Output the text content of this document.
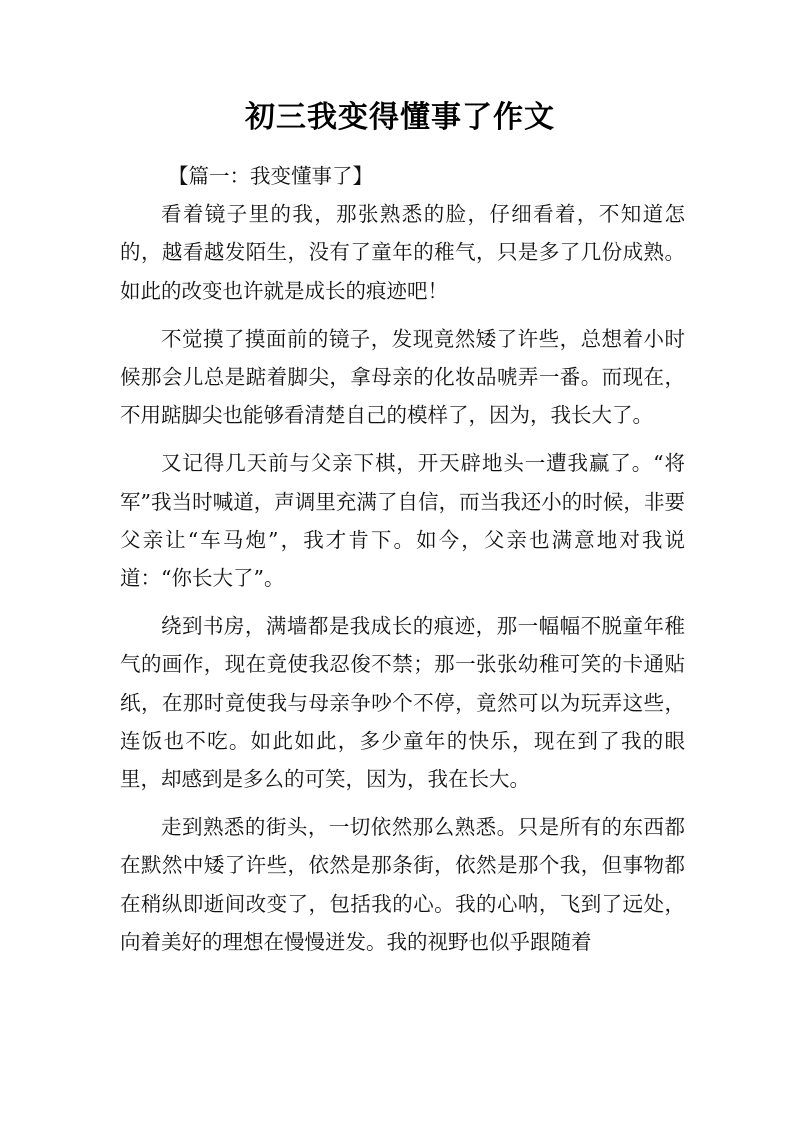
初三我变得懂事了作文
【篇一：我变懂事了】

看着镜子里的我，那张熟悉的脸，仔细看着，不知道怎的，越看越发陌生，没有了童年的稚气，只是多了几份成熟。如此的改变也许就是成长的痕迹吧！

不觉摸了摸面前的镜子，发现竟然矮了许些，总想着小时候那会儿总是踮着脚尖，拿母亲的化妆品唬弄一番。而现在，不用踮脚尖也能够看清楚自己的模样了，因为，我长大了。

又记得几天前与父亲下棋，开天辟地头一遭我赢了。“将军”我当时喊道，声调里充满了自信，而当我还小的时候，非要父亲让“车马炮”，我才肯下。如今，父亲也满意地对我说道：“你长大了”。

绕到书房，满墙都是我成长的痕迹，那一幅幅不脱童年稚气的画作，现在竟使我忍俊不禁；那一张张幼稚可笑的卡通贴纸，在那时竟使我与母亲争吵个不停，竟然可以为玩弄这些，连饭也不吃。如此如此，多少童年的快乐，现在到了我的眼里，却感到是多么的可笑，因为，我在长大。

走到熟悉的街头，一切依然那么熟悉。只是所有的东西都在默然中矮了许些，依然是那条街，依然是那个我，但事物都在稍纵即逝间改变了，包括我的心。我的心呐，飞到了远处，向着美好的理想在慢慢迸发。我的视野也似乎跟随着
